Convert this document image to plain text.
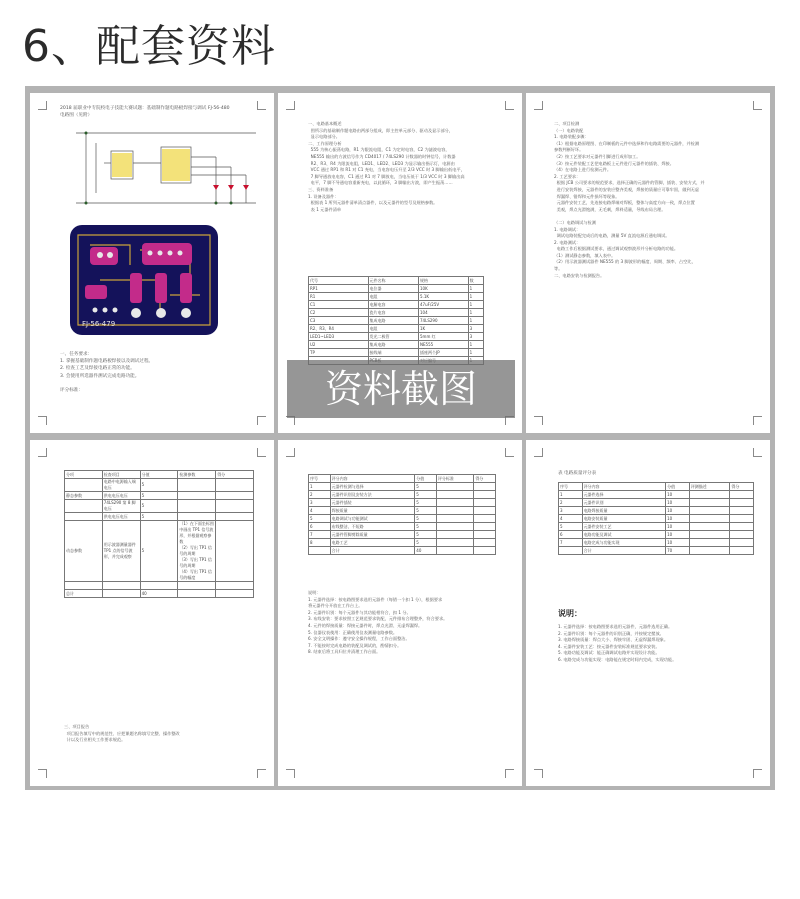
6、配套资料
2018 届职业中专院校电子技能大赛试题：基础制作题电路板焊接与调试 FJ-56-480
电路图（见附）
FJ-56-479
一、任务要求：
1. 掌握基础制作题电路板焊接以及调试过程。
2. 检查工艺及焊接电路正常的功能。
3. 会使用所选器件测试完成电路功能。

评分标准：
一、电路基本概述
图所示的基础制作题电路由两部分组成，即主控单元部分、驱动及显示部分，
显示电路部分。
二、工作原理分析
555 为核心振荡电路，R1 为限流电阻，C1 为定时电容，C2 为滤波电容，
NE555 输出的方波信号作为 CD4017 / 74LS290 计数器的时钟信号，计数器
R2、R3、R4 为限流电阻，LED1、LED2、LED3 为显示输出指示灯，电源由
VCC 通过 RP1 和 R1 对 C1 充电，当电容电压升至 2/3 VCC 时 3 脚输出低电平，
7 脚导通放电电容，C1 通过 R1 对 7 脚放电，当电压低于 1/3 VCC 时 3 脚输出高
电平，7 脚不导通电容重新充电，以此循环，3 脚输出方波，即产生振荡……
三、资料准备
1. 设备及器件：
根据表 1 所列元器件清单清点器件，以及元器件的型号及规格参数。
表 1 元器件清单
代号	元件名称	规格	数
RP1	电位器	10K	1
R1	电阻	5.1K	1
C1	电解电容	47uF/25V	1
C2	瓷片电容	104	1
C3	集成电路	74LS290	1
R2、R3、R4	电阻	1K	3
LED1~LED3	发光二极管	5mm 红	3
U2	集成电路	NE555	1
TP	接线端	插座两个JP	1

二、项目检测
（一）电路装配
1. 电路装配步骤：
（1）根据电路原理图、在印制板的元件中选择和作电路需要的元器件，并检测
参数判断好坏。
（2）按工艺要求对元器件引脚进行成形加工。
（3）按元件装配工艺把电路板上元件进行元器件的插装、焊接。
（4）在电路上进行检测元件。
2. 工艺要求：
根据 JCB 公司要求的规范要求，选择正确的元器件的管脚，插装、安装方式，并
进行安装焊接，元器件的安装应整齐美观，焊接的质量应可靠牢固，做到无虚
焊漏焊、错焊和元件损坏等现象。
元器件安装工艺，先连接电路焊端对焊板，整体与高度方向一致，焊点位置
美观，焊点光滑饱满，无毛刺，焊料适量，导线布局合理。

（二）电路调试与检测
1. 电路调试：
调试电路装配完成后的电路，测量 5V 直流电源后通电调试。
2. 电路测试：
电路工作后根据测试要求，通过调试观察波形并分析电路的功能。
（1）测试静态参数，填入表中。
（2）用示波器测试器件 NE555 的 3 脚波形的幅度、周期、频率、占空比，
等。
二、电路安装与检测报告。
分项	检查项目	分值	检测参数	得分
	电路中电源输入端电压	5		
静态参数	供电电压电压	5		
	74LS290 第 8 脚电压	5		
	供电电压电压	5		
动态参数	用示波器测量器件 TP1 点的信号波形，并完成观察	5	（1）在下面坐标图中画出 TP1 信号波形，并根据观察参数
（2）写出 TP1 信号的周期
（3）写出 TP1 信号的周期
（4）写出 TP1 信号的幅度	

总计		40		
三、项目报告
项目报告填写中的规范性、应把课题名称填写完整、操作整改
计以及行业相关工作要求规范。
序号	评分内容	分值	评分标准	得分
1	元器件检测与选择	5		
2	元器件识别及安装方法	5		
3	元器件插装	5		
4	焊接质量	5		
5	电路调试与功能测试	5		
6	布线整洁、不短路	5		
7	元器件管脚剪除质量	5		
8	电路工艺	5		
	合计	40		
说明：
1. 元器件选择：按电路图要求选用元器件（每错一个扣 1 分），根据要求
将元器件分开放在工作台上。
2. 元器件识别：每个元器件与其功能相符合，扣 1 分。
3. 布线安装：要求按照工艺规范要求装配，元件排布合理整齐，符合要求。
4. 元件的焊接质量：焊接元器件时，焊点光滑、无虚焊漏焊。
5. 仪器仪表使用：正确使用仪表测量电路参数。
6. 安全文明操作：遵守安全操作规程，工作台面整洁。
7. 不能按时完成电路的装配及调试的，酌情扣分。
8. 结束后将工具归位并清理工作台面。
表 电路质量评分表
序号	评分内容	分值	评测描述	得分
1	元器件选择	10		
2	元器件识别	10		
3	电路焊接质量	10		
4	电路安装质量	10		
5	元器件安装工艺	10		
6	电路功能及调试	10		
7	电路完成与功能实现	10		
	合计	70		
说明：
1. 元器件选择：按电路图要求选用元器件，元器件选用正确。
2. 元器件识别：每个元器件的识别正确，并按规定摆放。
3. 电路焊接质量：焊点大小、焊接牢固、无虚焊漏焊现象。
4. 元器件安装工艺：按元器件安装标准规范要求安装。
5. 电路功能及调试：能正确调试电路并实现设计功能。
6. 电路完成与功能实现：电路能在规定时间内完成，实现功能。
资料截图
